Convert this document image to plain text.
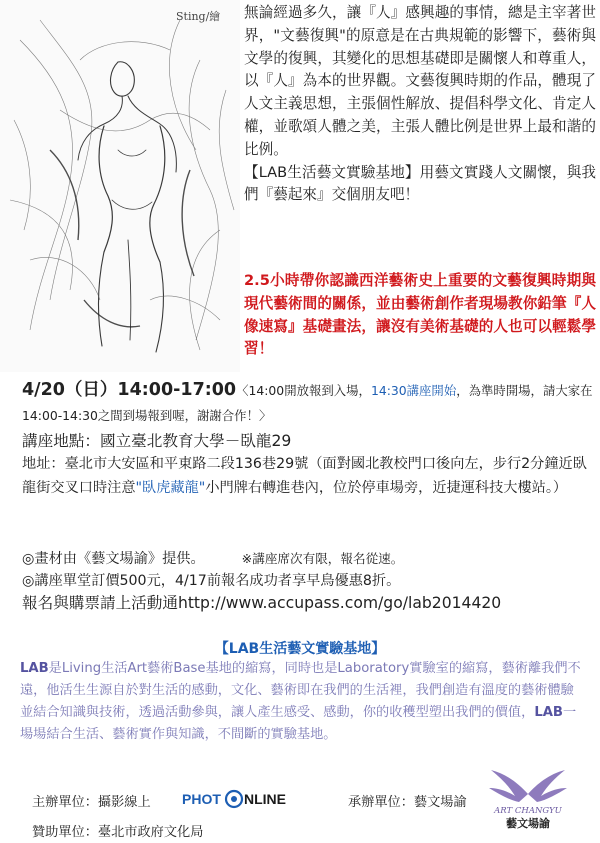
Sting/繪 無論經過多久，讓『人』感興趣的事情，總是主宰著世界，"文藝復興"的原意是在古典規範的影響下，藝術與文學的復興，其變化的思想基礎即是關懷人和尊重人，以『人』為本的世界觀。文藝復興時期的作品，體現了人文主義思想，主張個性解放、提倡科學文化、肯定人權，並歌頌人體之美，主張人體比例是世界上最和諧的比例。

【LAB生活藝文實驗基地】用藝文實踐人文關懷，與我們『藝起來』交個朋友吧！

2.5小時帶你認識西洋藝術史上重要的文藝復興時期與現代藝術間的關係，並由藝術創作者現場教你鉛筆『人像速寫』基礎畫法，讓沒有美術基礎的人也可以輕鬆學習！

4/20（日）14:00-17:00〈14:00開放報到入場，14:30講座開始，為準時開場，請大家在14:00-14:30之間到場報到喔，謝謝合作！〉

講座地點：國立臺北教育大學－臥龍29

地址：臺北市大安區和平東路二段136巷29號（面對國北教校門口後向左，步行2分鐘近臥龍街交叉口時注意"臥虎藏龍"小門牌右轉進巷內，位於停車場旁，近捷運科技大樓站。）

◎畫材由《藝文場諭》提供。	※講座席次有限，報名從速。

◎講座單堂訂價500元，4/17前報名成功者享早鳥優惠8折。

報名與購票請上活動通http://www.accupass.com/go/lab2014420

【LAB生活藝文實驗基地】
LAB是Living生活Art藝術Base基地的縮寫，同時也是Laboratory實驗室的縮寫，藝術離我們不遠，他活生生源自於對生活的感動，文化、藝術即在我們的生活裡，我們創造有溫度的藝術體驗並結合知識與技術，透過活動參與，讓人產生感受、感動，你的收穫型塑出我們的價值，LAB一場場結合生活、藝術實作與知識，不間斷的實驗基地。
主辦單位：攝影線上 PHOT NLINE	承辦單位：藝文場諭
贊助單位：臺北市政府文化局
ART CHANGYU
藝文場諭
